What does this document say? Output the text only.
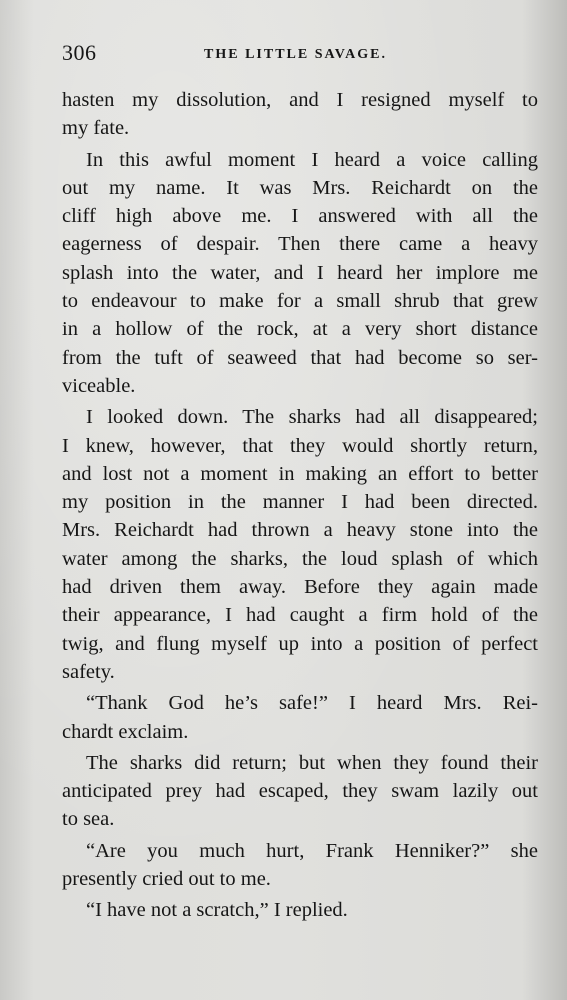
306	THE LITTLE SAVAGE.
hasten my dissolution, and I resigned myself to
my fate.
In this awful moment I heard a voice calling
out my name. It was Mrs. Reichardt on the
cliff high above me. I answered with all the
eagerness of despair. Then there came a heavy
splash into the water, and I heard her implore me
to endeavour to make for a small shrub that grew
in a hollow of the rock, at a very short distance
from the tuft of seaweed that had become so ser-
viceable.
I looked down. The sharks had all disappeared;
I knew, however, that they would shortly return,
and lost not a moment in making an effort to better
my position in the manner I had been directed.
Mrs. Reichardt had thrown a heavy stone into the
water among the sharks, the loud splash of which
had driven them away. Before they again made
their appearance, I had caught a firm hold of the
twig, and flung myself up into a position of perfect
safety.
“Thank God he’s safe!” I heard Mrs. Rei-
chardt exclaim.
The sharks did return; but when they found their
anticipated prey had escaped, they swam lazily out
to sea.
“Are you much hurt, Frank Henniker?” she
presently cried out to me.
“I have not a scratch,” I replied.
